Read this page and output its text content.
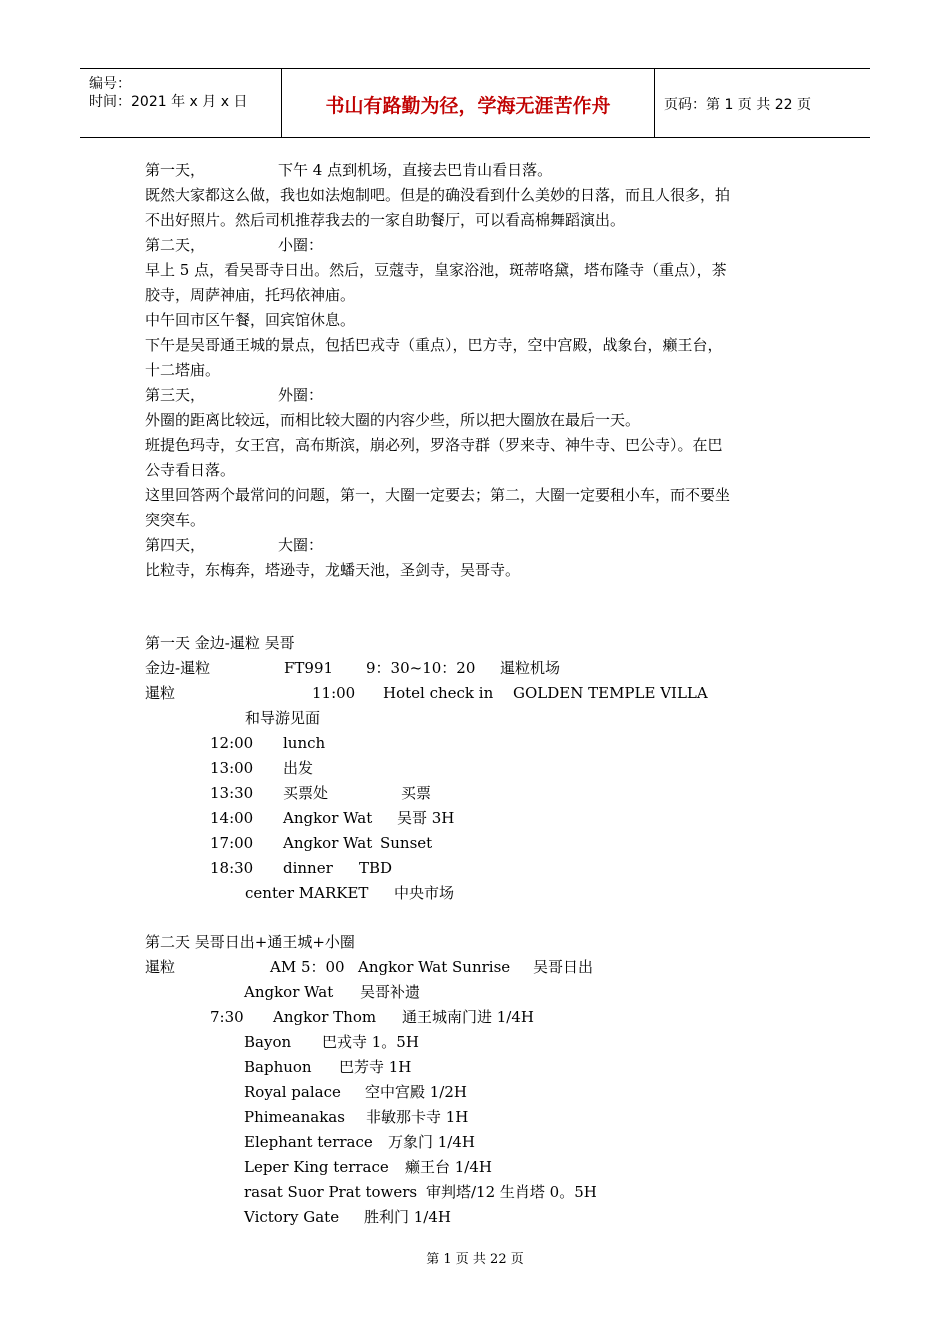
编号：
时间：2021 年 x 月 x 日	书山有路勤为径，学海无涯苦作舟	页码：第 1 页 共 22 页
第一天，	下午 4 点到机场，直接去巴肯山看日落。
既然大家都这么做，我也如法炮制吧。但是的确没看到什么美妙的日落，而且人很多，拍
不出好照片。然后司机推荐我去的一家自助餐厅，可以看高棉舞蹈演出。
第二天，	小圈：
早上 5 点，看吴哥寺日出。然后，豆蔻寺，皇家浴池，斑蒂咯黛，塔布隆寺（重点），茶
胶寺，周萨神庙，托玛依神庙。
中午回市区午餐，回宾馆休息。
下午是吴哥通王城的景点，包括巴戎寺（重点），巴方寺，空中宫殿，战象台，癞王台，
十二塔庙。
第三天，	外圈：
外圈的距离比较远，而相比较大圈的内容少些，所以把大圈放在最后一天。
班提色玛寺，女王宫，高布斯滨，崩必列，罗洛寺群（罗来寺、神牛寺、巴公寺）。在巴
公寺看日落。
这里回答两个最常问的问题，第一，大圈一定要去；第二，大圈一定要租小车，而不要坐
突突车。
第四天，	大圈：
比粒寺，东梅奔，塔逊寺，龙蟠天池，圣剑寺，吴哥寺。
第一天 金边-暹粒 吴哥
金边-暹粒	FT991 9：30~10：20 暹粒机场
暹粒	11:00 Hotel check in GOLDEN TEMPLE VILLA
和导游见面
12:00 lunch
13:00 出发
13:30 买票处	买票
14:00 Angkor Wat 吴哥 3H
17:00 Angkor Wat Sunset
18:30 dinner TBD
center MARKET 中央市场
第二天 吴哥日出+通王城+小圈
暹粒	AM 5：00 Angkor Wat Sunrise 吴哥日出
Angkor Wat 吴哥补遗
7:30 Angkor Thom 通王城南门进 1/4H
Bayon 巴戎寺 1。5H
Baphuon 巴芳寺 1H
Royal palace 空中宫殿 1/2H
Phimeanakas 非敏那卡寺 1H
Elephant terrace 万象门 1/4H
Leper King terrace 癞王台 1/4H
rasat Suor Prat towers 审判塔/12 生肖塔 0。5H
Victory Gate 胜利门 1/4H
第 1 页 共 22 页
